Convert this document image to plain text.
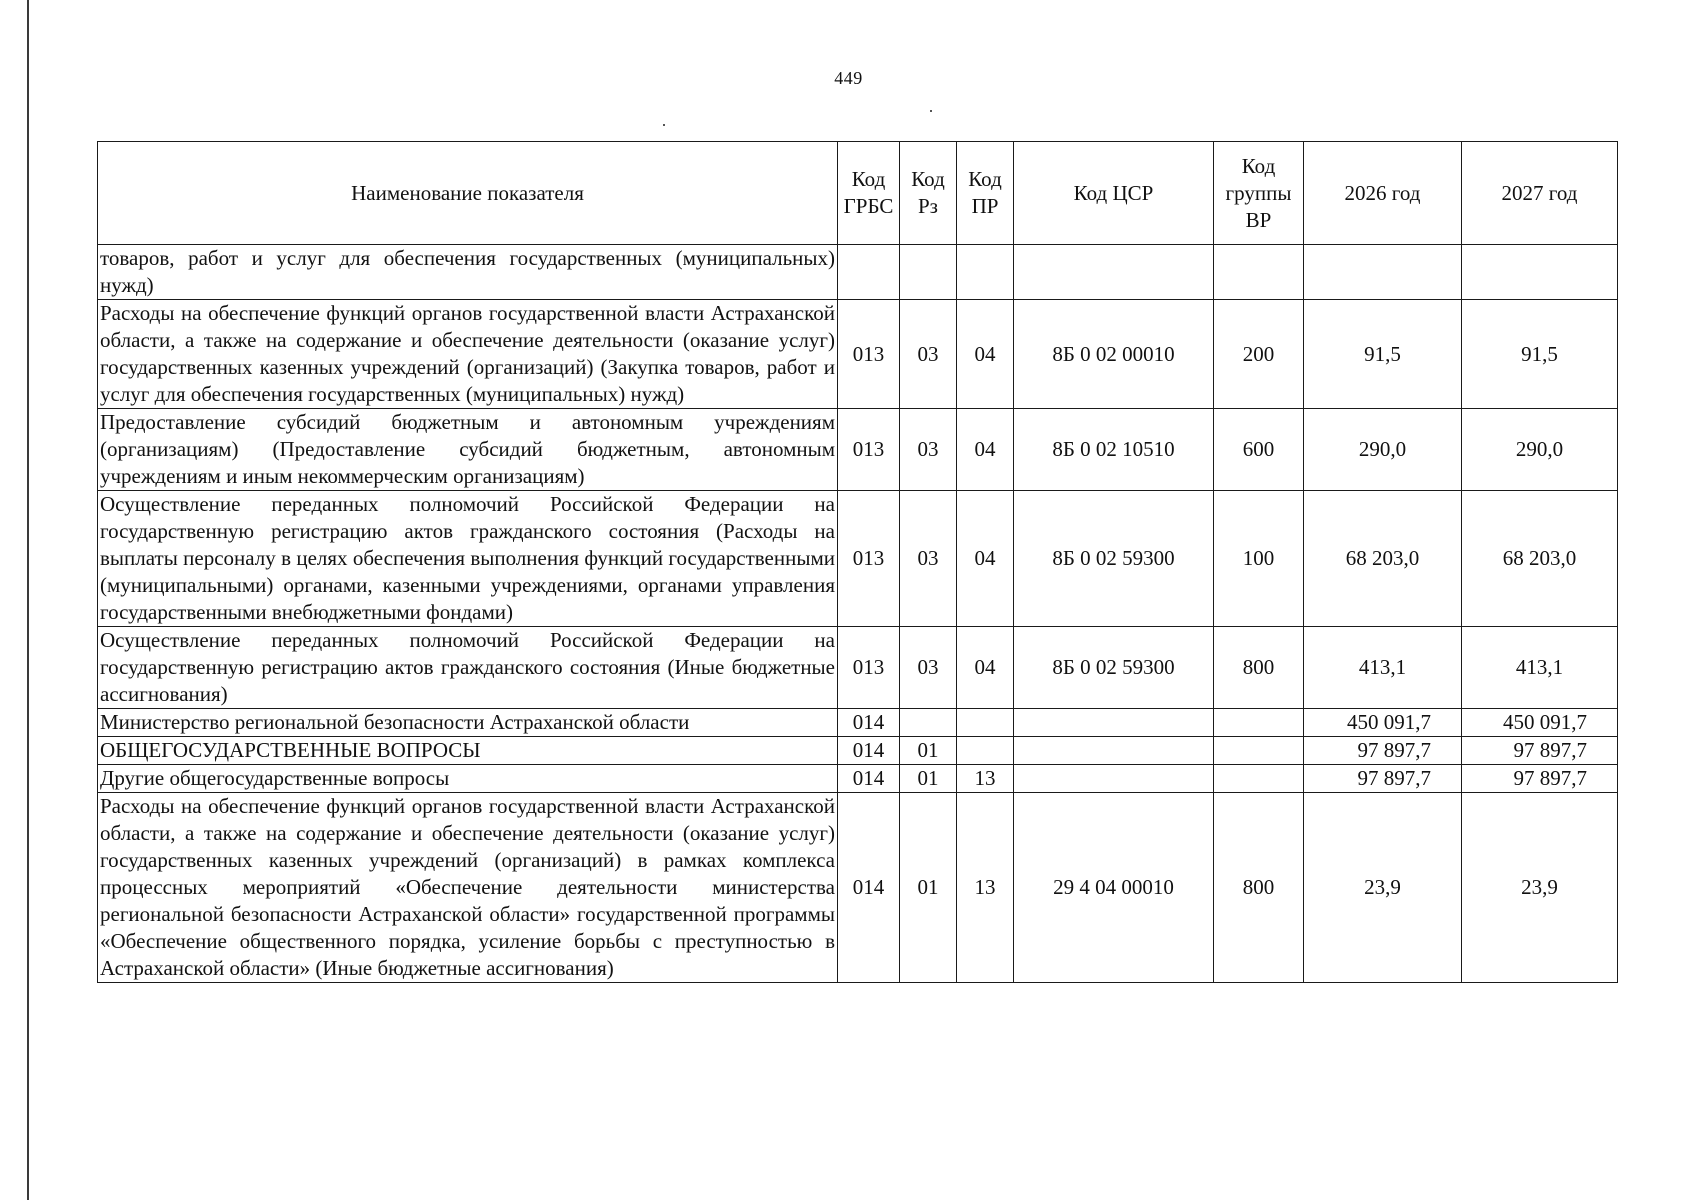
449
Наименование показателя	Код ГРБС	Код Рз	Код ПР	Код ЦСР	Код группы ВР	2026 год	2027 год
товаров, работ и услуг для обеспечения государственных (муниципальных) нужд)							
Расходы на обеспечение функций органов государственной власти Астраханской области, а также на содержание и обеспечение деятельности (оказание услуг) государственных казенных учреждений (организаций) (Закупка товаров, работ и услуг для обеспечения государственных (муниципальных) нужд)	013	03	04	8Б 0 02 00010	200	91,5	91,5
Предоставление субсидий бюджетным и автономным учреждениям (организациям) (Предоставление субсидий бюджетным, автономным учреждениям и иным некоммерческим организациям)	013	03	04	8Б 0 02 10510	600	290,0	290,0
Осуществление переданных полномочий Российской Федерации на государственную регистрацию актов гражданского состояния (Расходы на выплаты персоналу в целях обеспечения выполнения функций государственными (муниципальными) органами, казенными учреждениями, органами управления государственными внебюджетными фондами)	013	03	04	8Б 0 02 59300	100	68 203,0	68 203,0
Осуществление переданных полномочий Российской Федерации на государственную регистрацию актов гражданского состояния (Иные бюджетные ассигнования)	013	03	04	8Б 0 02 59300	800	413,1	413,1
Министерство региональной безопасности Астраханской области	014					450 091,7	450 091,7
ОБЩЕГОСУДАРСТВЕННЫЕ ВОПРОСЫ	014	01				97 897,7	97 897,7
Другие общегосударственные вопросы	014	01	13			97 897,7	97 897,7
Расходы на обеспечение функций органов государственной власти Астраханской области, а также на содержание и обеспечение деятельности (оказание услуг) государственных казенных учреждений (организаций) в рамках комплекса процессных мероприятий «Обеспечение деятельности министерства региональной безопасности Астраханской области» государственной программы «Обеспечение общественного порядка, усиление борьбы с преступностью в Астраханской области» (Иные бюджетные ассигнования)	014	01	13	29 4 04 00010	800	23,9	23,9
